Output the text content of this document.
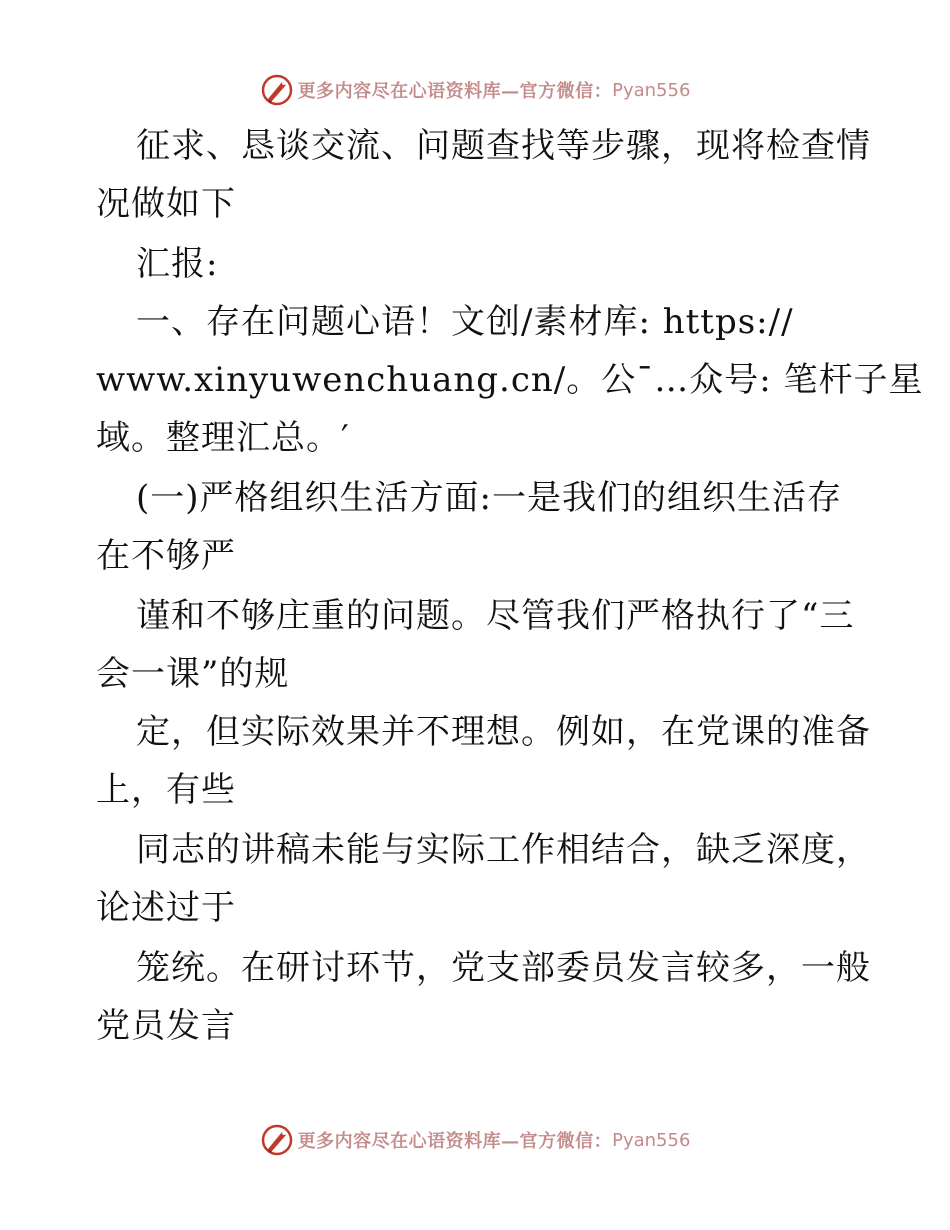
更多内容尽在心语资料库—官方微信： Pyan556
征求、恳谈交流、问题查找等步骤，现将检查情
况做如下
汇报:
一、存在问题心语！文创/素材库: https://
www.xinyuwenchuang.cn/。公¯…众号: 笔杆子星
域。整理汇总。′
(一)严格组织生活方面:一是我们的组织生活存
在不够严
谨和不够庄重的问题。尽管我们严格执行了“三
会一课”的规
定，但实际效果并不理想。例如，在党课的准备
上，有些
同志的讲稿未能与实际工作相结合，缺乏深度，
论述过于
笼统。在研讨环节，党支部委员发言较多，一般
党员发言
更多内容尽在心语资料库—官方微信： Pyan556
